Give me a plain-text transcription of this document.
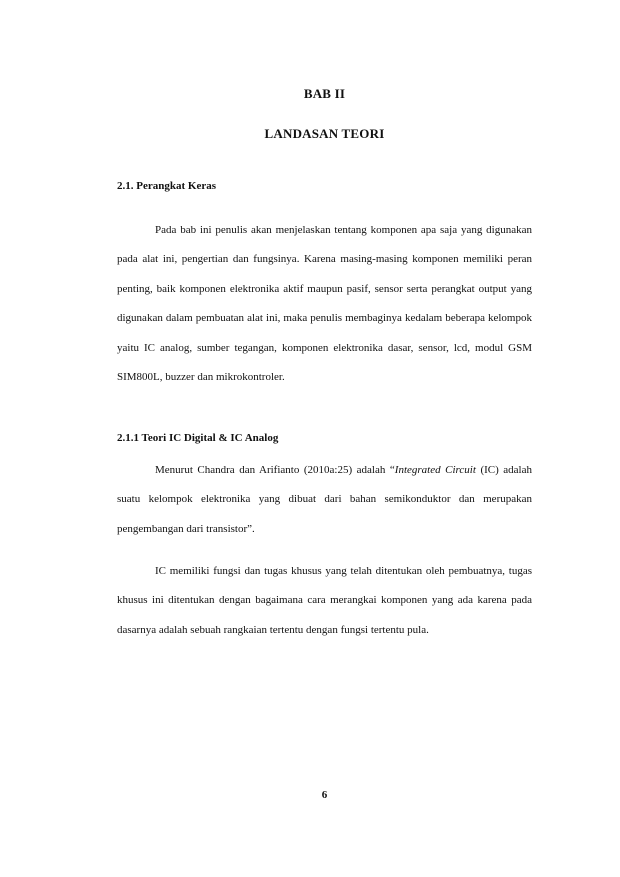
BAB II
LANDASAN TEORI
2.1. Perangkat Keras

Pada bab ini penulis akan menjelaskan tentang komponen apa saja yang digunakan pada alat ini, pengertian dan fungsinya. Karena masing-masing komponen memiliki peran penting, baik komponen elektronika aktif maupun pasif, sensor serta perangkat output yang digunakan dalam pembuatan alat ini, maka penulis membaginya kedalam beberapa kelompok yaitu IC analog, sumber tegangan, komponen elektronika dasar, sensor, lcd, modul GSM SIM800L, buzzer dan mikrokontroler.

2.1.1 Teori IC Digital & IC Analog

Menurut Chandra dan Arifianto (2010a:25) adalah “Integrated Circuit (IC) adalah suatu kelompok elektronika yang dibuat dari bahan semikonduktor dan merupakan pengembangan dari transistor”.

IC memiliki fungsi dan tugas khusus yang telah ditentukan oleh pembuatnya, tugas khusus ini ditentukan dengan bagaimana cara merangkai komponen yang ada karena pada dasarnya adalah sebuah rangkaian tertentu dengan fungsi tertentu pula.

6
